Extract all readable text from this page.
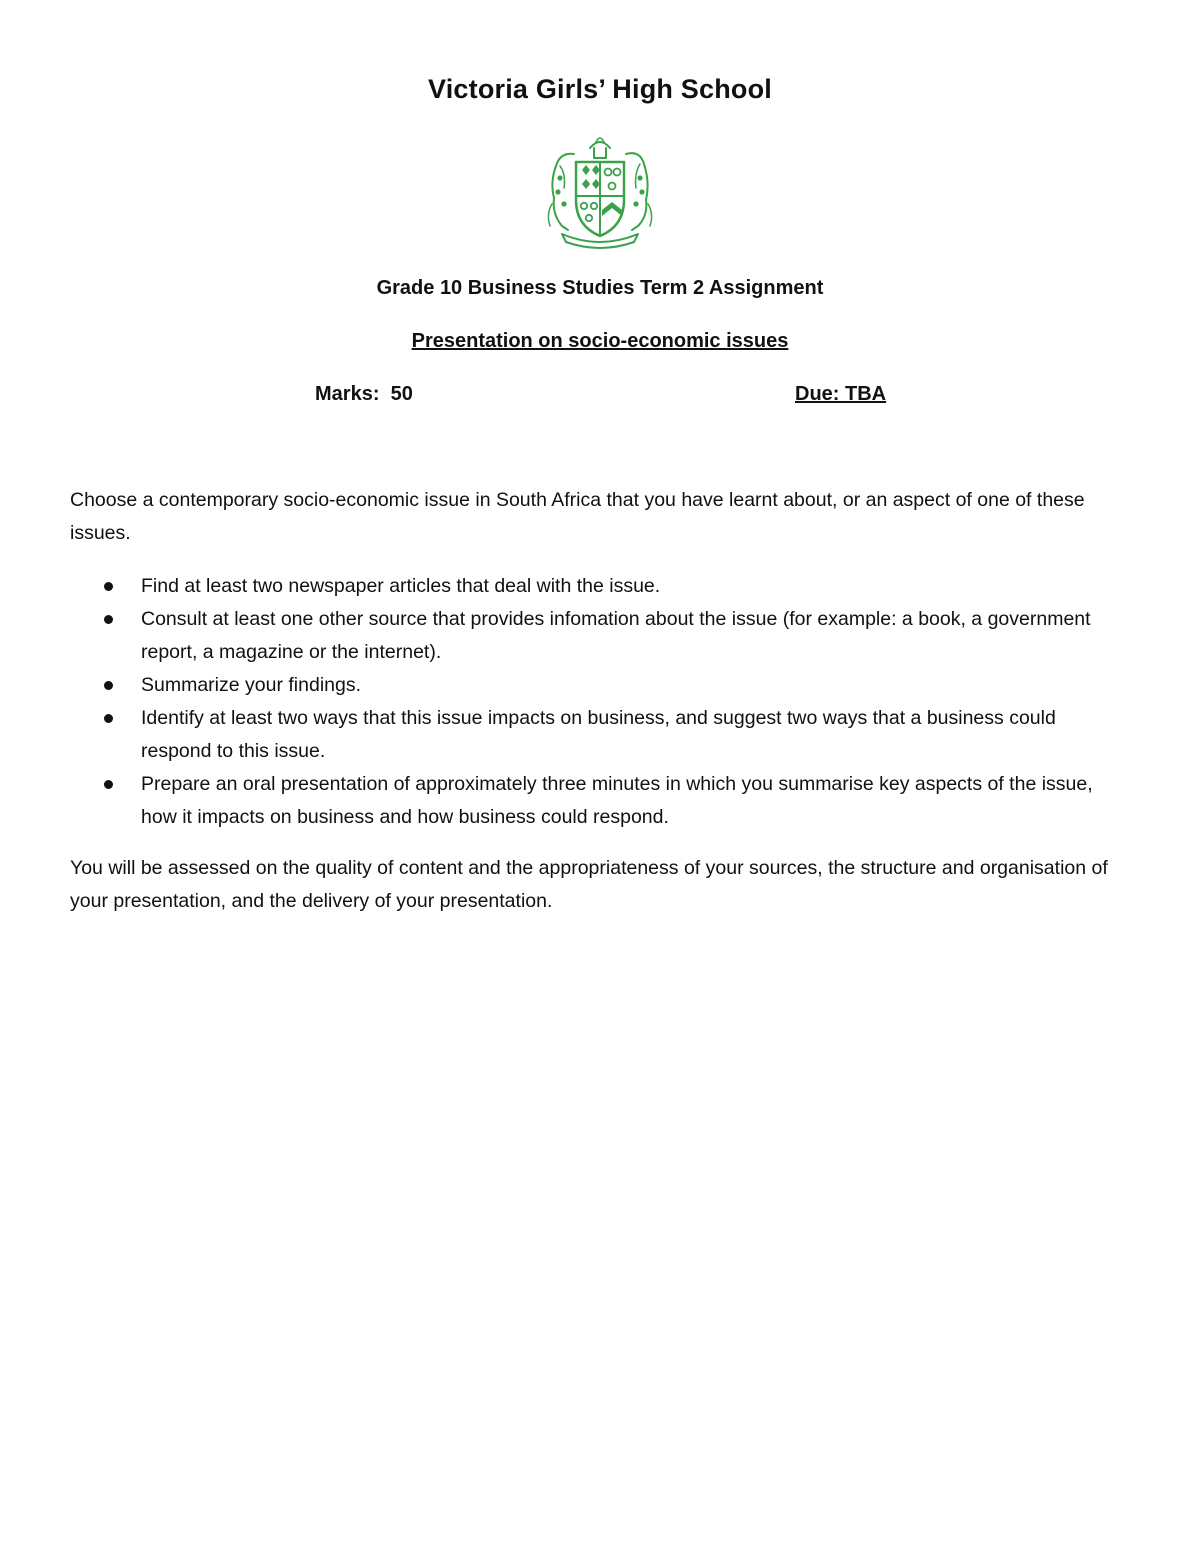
Victoria Girls’ High School
Grade 10 Business Studies Term 2 Assignment
Presentation on socio-economic issues
Marks:  50	Due: TBA

Choose a contemporary socio-economic issue in South Africa that you have learnt about, or an aspect of one of these issues.

Find at least two newspaper articles that deal with the issue.
Consult at least one other source that provides infomation about the issue (for example: a book, a government report, a magazine or the internet).
Summarize your findings.
Identify at least two ways that this issue impacts on business, and suggest two ways that a business could respond to this issue.
Prepare an oral presentation of approximately three minutes in which you summarise key aspects of the issue, how it impacts on business and how business could respond.

You will be assessed on the quality of content and the appropriateness of your sources, the structure and organisation of your presentation, and the delivery of your presentation.
